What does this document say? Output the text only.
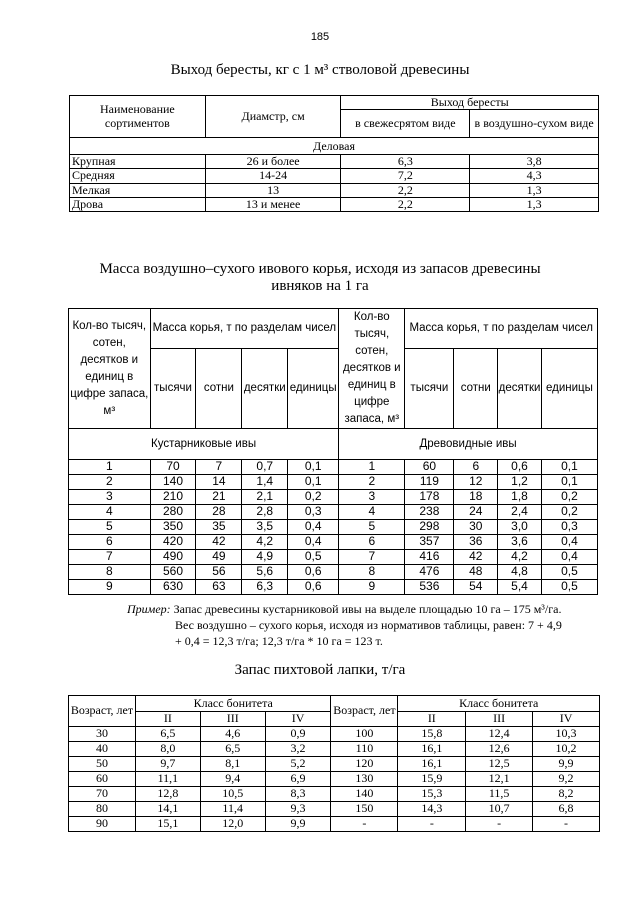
185
Выход бересты, кг с 1 м³ стволовой древесины
Наименование сортиментов	Диамстр, см	Выход бересты	
		в свежесрятом виде	в воздушно-сухом виде
Деловая			
Крупная	26 и более	6,3	3,8
Средняя	14-24	7,2	4,3
Мелкая	13	2,2	1,3
Дрова	13 и менее	2,2	1,3
Масса воздушно–сухого ивового корья, исходя из запасов древесины
ивняков на 1 га
Кол-во тысяч, сотен, десятков и единиц в цифре запаса, м³	Масса корья, т по разделам чисел				Кол-во тысяч, сотен, десятков и единиц в цифре запаса, м³	Масса корья, т по разделам чисел			
	тысячи	сотни	десятки	единицы		тысячи	сотни	десятки	единицы
Кустарниковые ивы					Древовидные ивы				
1	70	7	0,7	0,1	1	60	6	0,6	0,1
2	140	14	1,4	0,1	2	119	12	1,2	0,1
3	210	21	2,1	0,2	3	178	18	1,8	0,2
4	280	28	2,8	0,3	4	238	24	2,4	0,2
5	350	35	3,5	0,4	5	298	30	3,0	0,3
6	420	42	4,2	0,4	6	357	36	3,6	0,4
7	490	49	4,9	0,5	7	416	42	4,2	0,4
8	560	56	5,6	0,6	8	476	48	4,8	0,5
9	630	63	6,3	0,6	9	536	54	5,4	0,5
Пример: Запас древесины кустарниковой ивы на выделе площадью 10 га – 175 м³/га.
Вес воздушно – сухого корья, исходя из нормативов таблицы, равен: 7 + 4,9
+ 0,4 = 12,3 т/га; 12,3 т/га * 10 га = 123 т.
Запас пихтовой лапки, т/га
Возраст, лет	Класс бонитета			Возраст, лет	Класс бонитета		
	II	III	IV		II	III	IV
30	6,5	4,6	0,9	100	15,8	12,4	10,3
40	8,0	6,5	3,2	110	16,1	12,6	10,2
50	9,7	8,1	5,2	120	16,1	12,5	9,9
60	11,1	9,4	6,9	130	15,9	12,1	9,2
70	12,8	10,5	8,3	140	15,3	11,5	8,2
80	14,1	11,4	9,3	150	14,3	10,7	6,8
90	15,1	12,0	9,9	-	-	-	-
